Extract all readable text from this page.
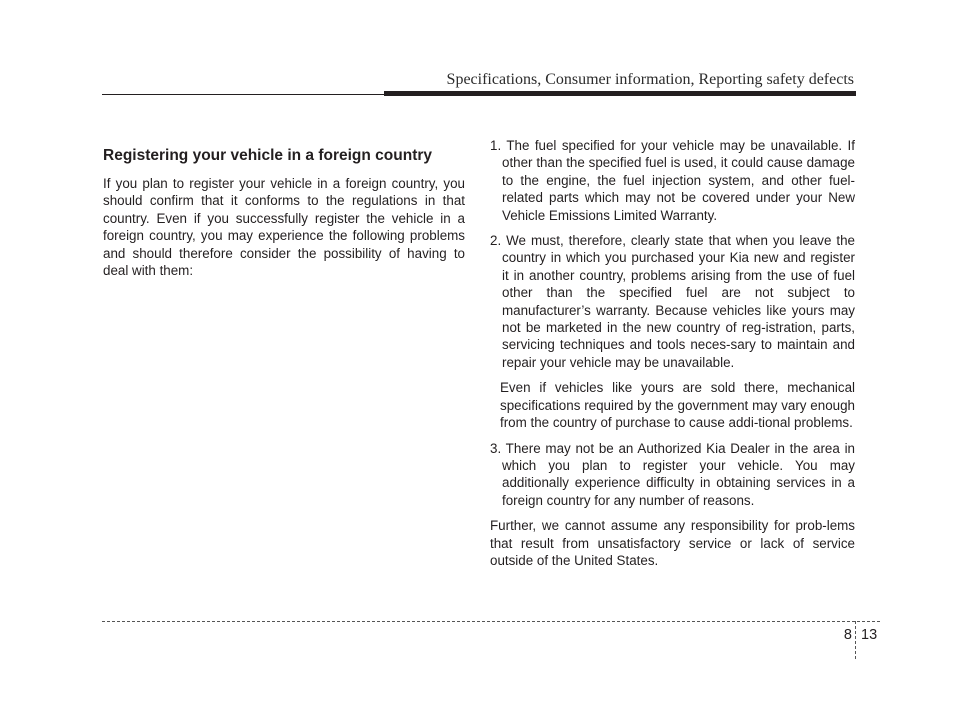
Specifications, Consumer information, Reporting safety defects
Registering your vehicle in a foreign country

If you plan to register your vehicle in a foreign country, you should confirm that it conforms to the regulations in that country. Even if you successfully register the vehicle in a foreign country, you may experience the following problems and should therefore consider the possibility of having to deal with them:

1. The fuel specified for your vehicle may be unavailable. If other than the specified fuel is used, it could cause damage to the engine, the fuel injection system, and other fuel-related parts which may not be covered under your New Vehicle Emissions Limited Warranty.

2. We must, therefore, clearly state that when you leave the country in which you purchased your Kia new and register it in another country, problems arising from the use of fuel other than the specified fuel are not subject to manufacturer’s warranty. Because vehicles like yours may not be marketed in the new country of reg-istration, parts, servicing techniques and tools neces-sary to maintain and repair your vehicle may be unavailable.

Even if vehicles like yours are sold there, mechanical specifications required by the government may vary enough from the country of purchase to cause addi-tional problems.

3. There may not be an Authorized Kia Dealer in the area in which you plan to register your vehicle. You may additionally experience difficulty in obtaining services in a foreign country for any number of reasons.

Further, we cannot assume any responsibility for prob-lems that result from unsatisfactory service or lack of service outside of the United States.

8 13
